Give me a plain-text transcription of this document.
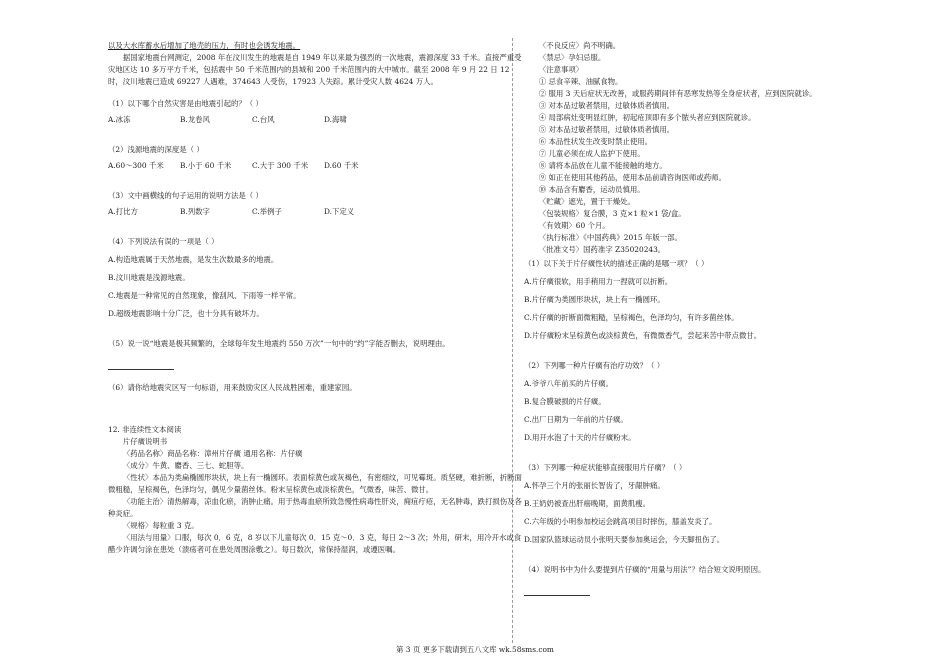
以及大水库蓄水后增加了地壳的压力，有时也会诱发地震。

据国家地震台网测定，2008 年在汶川发生的地震是自 1949 年以来最为强烈的一次地震，震源深度 33 千米。直接严重受灾地区达 10 多万平方千米，包括震中 50 千米范围内的县城和 200 千米范围内的大中城市。截至 2008 年 9 月 22 日 12 时，汶川地震已造成 69227 人遇难，374643 人受伤，17923 人失踪。累计受灾人数 4624 万人。

（1）以下哪个自然灾害是由地震引起的？（ ）

A.冰冻	B.龙卷风	C.台风	D.海啸

（2）浅源地震的深度是（ ）

A.60～300 千米	B.小于 60 千米	C.大于 300 千米	D.60 千米

（3）文中画横线的句子运用的说明方法是（ ）

A.打比方	B.列数字	C.举例子	D.下定义

（4）下列说法有误的一项是（ ）

A.构造地震属于天然地震，是发生次数最多的地震。

B.汶川地震是浅源地震。

C.地震是一种常见的自然现象，像刮风、下雨等一样平常。

D.超级地震影响十分广泛，也十分具有破坏力。

（5）说一说“地震是极其频繁的，全球每年发生地震约 550 万次”一句中的“约”字能否删去，说明理由。

（6）请你给地震灾区写一句标语，用来鼓励灾区人民战胜困难，重建家园。

12. 非连续性文本阅读

片仔癀说明书

〈药品名称〉商品名称：漳州片仔癀 通用名称：片仔癀

〈成分〉牛黄、麝香、三七、蛇胆等。

〈性状〉本品为类扁椭圆形块状，块上有一椭圆环。表面棕黄色或灰褐色，有密细纹，可见霉斑。质坚硬，难折断，折断面微粗糙，呈棕褐色，色泽均匀，偶见少量菌丝体。粉末呈棕黄色或淡棕黄色，气微香，味苦、微甘。

〈功能主治〉清热解毒，凉血化瘀，消肿止痛。用于热毒血瘀所致急慢性病毒性肝炎，痈疽疔疮，无名肿毒，跌打损伤及各种炎症。

〈规格〉每粒重 3 克。

〈用法与用量〉口服，每次 0．6 克，8 岁以下儿童每次 0．15 克～0．3 克，每日 2～3 次；外用，研末，用冷开水或食醋少许调匀涂在患处（溃疡者可在患处周围涂敷之）。每日数次，常保持湿润，或遵医嘱。

〈不良反应〉尚不明确。

〈禁忌〉孕妇忌服。

〈注意事项〉

① 忌食辛辣、油腻食物。

② 服用 3 天后症状无改善，或服药期间伴有恶寒发热等全身症状者，应到医院就诊。

③ 对本品过敏者禁用，过敏体质者慎用。

④ 局部病灶变明显红肿，初起疮顶即有多个脓头者应到医院就诊。

⑤ 对本品过敏者禁用，过敏体质者慎用。

⑥ 本品性状发生改变时禁止使用。

⑦ 儿童必须在成人监护下使用。

⑧ 请将本品放在儿童不能接触的地方。

⑨ 如正在使用其他药品，使用本品前请咨询医师或药师。

⑩ 本品含有麝香，运动员慎用。

〈贮藏〉遮光，置于干燥处。

〈包装规格〉复合膜，3 克×1 粒×1 袋/盒。

〈有效期〉60 个月。

〈执行标准〉《中国药典》2015 年版一部。

〈批准文号〉国药准字 Z35020243。

（1）以下关于片仔癀性状的描述正确的是哪一项？（ ）

A.片仔癀很软，用手稍用力一捏就可以折断。

B.片仔癀为类圆形块状，块上有一椭圆环。

C.片仔癀的折断面微粗糙，呈棕褐色，色泽均匀，有许多菌丝体。

D.片仔癀粉末呈棕黄色或淡棕黄色，有微微香气，尝起来苦中带点微甘。

（2）下列哪一种片仔癀有治疗功效？（ ）

A.爷爷八年前买的片仔癀。

B.复合膜破损的片仔癀。

C.出厂日期为一年前的片仔癀。

D.用开水泡了十天的片仔癀粉末。

（3）下列哪一种症状能够直接服用片仔癀？（ ）

A.怀孕三个月的张丽长智齿了，牙龈肿痛。

B.王奶奶被查出肝癌晚期，面黄肌瘦。

C.六年级的小明参加校运会跳高项目时摔伤，膝盖发炎了。

D.国家队篮球运动员小张明天要参加奥运会，今天脚扭伤了。

（4）说明书中为什么要提到片仔癀的“用量与用法”？结合短文说明原因。

第 3 页 更多下载请到五八文库 wk.58sms.com
